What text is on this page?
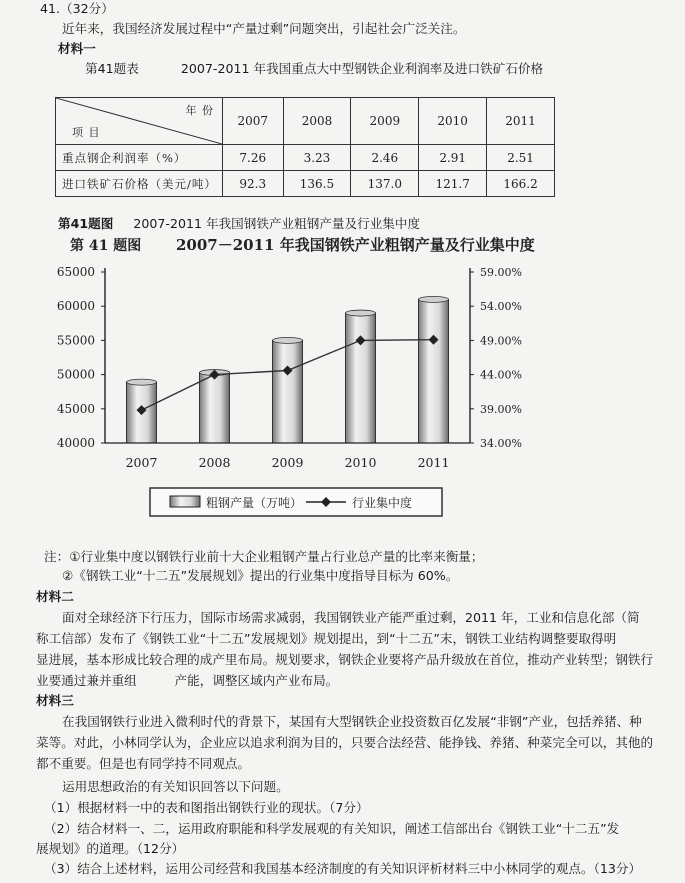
41.（32分）
近年来，我国经济发展过程中“产量过剩”问题突出，引起社会广泛关注。
材料一
第41题表	2007-2011 年我国重点大中型钢铁企业利润率及进口铁矿石价格
年 份
项 目	2007	2008	2009	2010	2011
重点钢企利润率（%）	7.26	3.23	2.46	2.91	2.51
进口铁矿石价格（美元/吨）	92.3	136.5	137.0	121.7	166.2
第41题图 2007-2011 年我国钢铁产业粗钢产量及行业集中度
第 41 题图 2007－2011 年我国钢铁产业粗钢产量及行业集中度
40000
45000
50000
55000
60000
65000
34.00%
39.00%
44.00%
49.00%
54.00%
59.00%
2007	2008	2009	2010	2011
粗钢产量（万吨）	行业集中度
注：①行业集中度以钢铁行业前十大企业粗钢产量占行业总产量的比率来衡量；
②《钢铁工业“十二五”发展规划》提出的行业集中度指导目标为 60%。
材料二
面对全球经济下行压力，国际市场需求减弱，我国钢铁业产能严重过剩，2011 年，工业和信息化部（简
称工信部）发布了《钢铁工业“十二五”发展规划》规划提出，到“十二五”末，钢铁工业结构调整要取得明
显进展，基本形成比较合理的成产里布局。规划要求，钢铁企业要将产品升级放在首位，推动产业转型；钢铁行
业要通过兼并重组　　　产能，调整区域内产业布局。
材料三
在我国钢铁行业进入微利时代的背景下，某国有大型钢铁企业投资数百亿发展“非钢”产业，包括养猪、种
菜等。对此，小林同学认为，企业应以追求利润为目的，只要合法经营、能挣钱、养猪、种菜完全可以，其他的
都不重要。但是也有同学持不同观点。
运用思想政治的有关知识回答以下问题。
（1）根据材料一中的表和图指出钢铁行业的现状。（7分）
（2）结合材料一、二，运用政府职能和科学发展观的有关知识，阐述工信部出台《钢铁工业“十二五”发
展规划》的道理。（12分）
（3）结合上述材料，运用公司经营和我国基本经济制度的有关知识评析材料三中小林同学的观点。（13分）
